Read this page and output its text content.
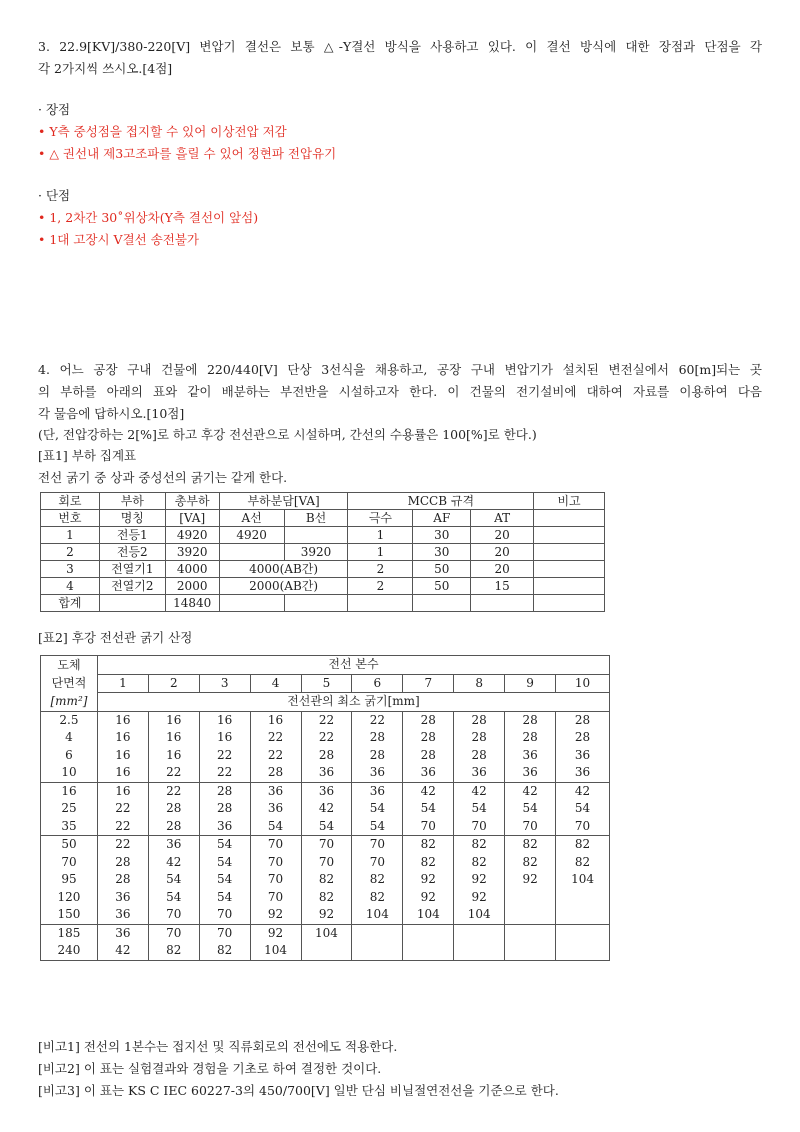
3. 22.9[KV]/380-220[V] 변압기 결선은 보통 △-Y결선 방식을 사용하고 있다. 이 결선 방식에 대한 장점과 단점을 각
각 2가지씩 쓰시오.[4점]
· 장점
• Y측 중성점을 접지할 수 있어 이상전압 저감
• △ 권선내 제3고조파를 흘릴 수 있어 정현파 전압유기
· 단점
• 1, 2차간 30˚위상차(Y측 결선이 앞섬)
• 1대 고장시 V결선 송전불가
4. 어느 공장 구내 건물에 220/440[V] 단상 3선식을 채용하고, 공장 구내 변압기가 설치된 변전실에서 60[m]되는 곳
의 부하를 아래의 표와 같이 배분하는 부전반을 시설하고자 한다. 이 건물의 전기설비에 대하여 자료를 이용하여 다음
각 물음에 답하시오.[10점]
(단, 전압강하는 2[%]로 하고 후강 전선관으로 시설하며, 간선의 수용률은 100[%]로 한다.)
[표1] 부하 집계표
전선 굵기 중 상과 중성선의 굵기는 같게 한다.
회로	부하	총부하	부하분담[VA]		MCCB 규격			비고
번호	명칭	[VA]	A선	B선	극수	AF	AT	
1	전등1	4920	4920		1	30	20	
2	전등2	3920		3920	1	30	20	
3	전열기1	4000	4000(AB간)		2	50	20	
4	전열기2	2000	2000(AB간)		2	50	15	
합계		14840						
[표2] 후강 전선관 굵기 산정
도체	전선 본수									
단면적	1	2	3	4	5	6	7	8	9	10
[mm²]	전선관의 최소 굵기[mm]									
2.5	16	16	16	16	22	22	28	28	28	28
4	16	16	16	22	22	28	28	28	28	28
6	16	16	22	22	28	28	28	28	36	36
10	16	22	22	28	36	36	36	36	36	36
16	16	22	28	36	36	36	42	42	42	42
25	22	28	28	36	42	54	54	54	54	54
35	22	28	36	54	54	54	70	70	70	70
50	22	36	54	70	70	70	82	82	82	82
70	28	42	54	70	70	70	82	82	82	82
95	28	54	54	70	82	82	92	92	92	104
120	36	54	54	70	82	82	92	92		
150	36	70	70	92	92	104	104	104		
185	36	70	70	92	104					
240	42	82	82	104						
[비고1] 전선의 1본수는 접지선 및 직류회로의 전선에도 적용한다.
[비고2] 이 표는 실험결과와 경험을 기초로 하여 결정한 것이다.
[비고3] 이 표는 KS C IEC 60227-3의 450/700[V] 일반 단심 비닐절연전선을 기준으로 한다.
